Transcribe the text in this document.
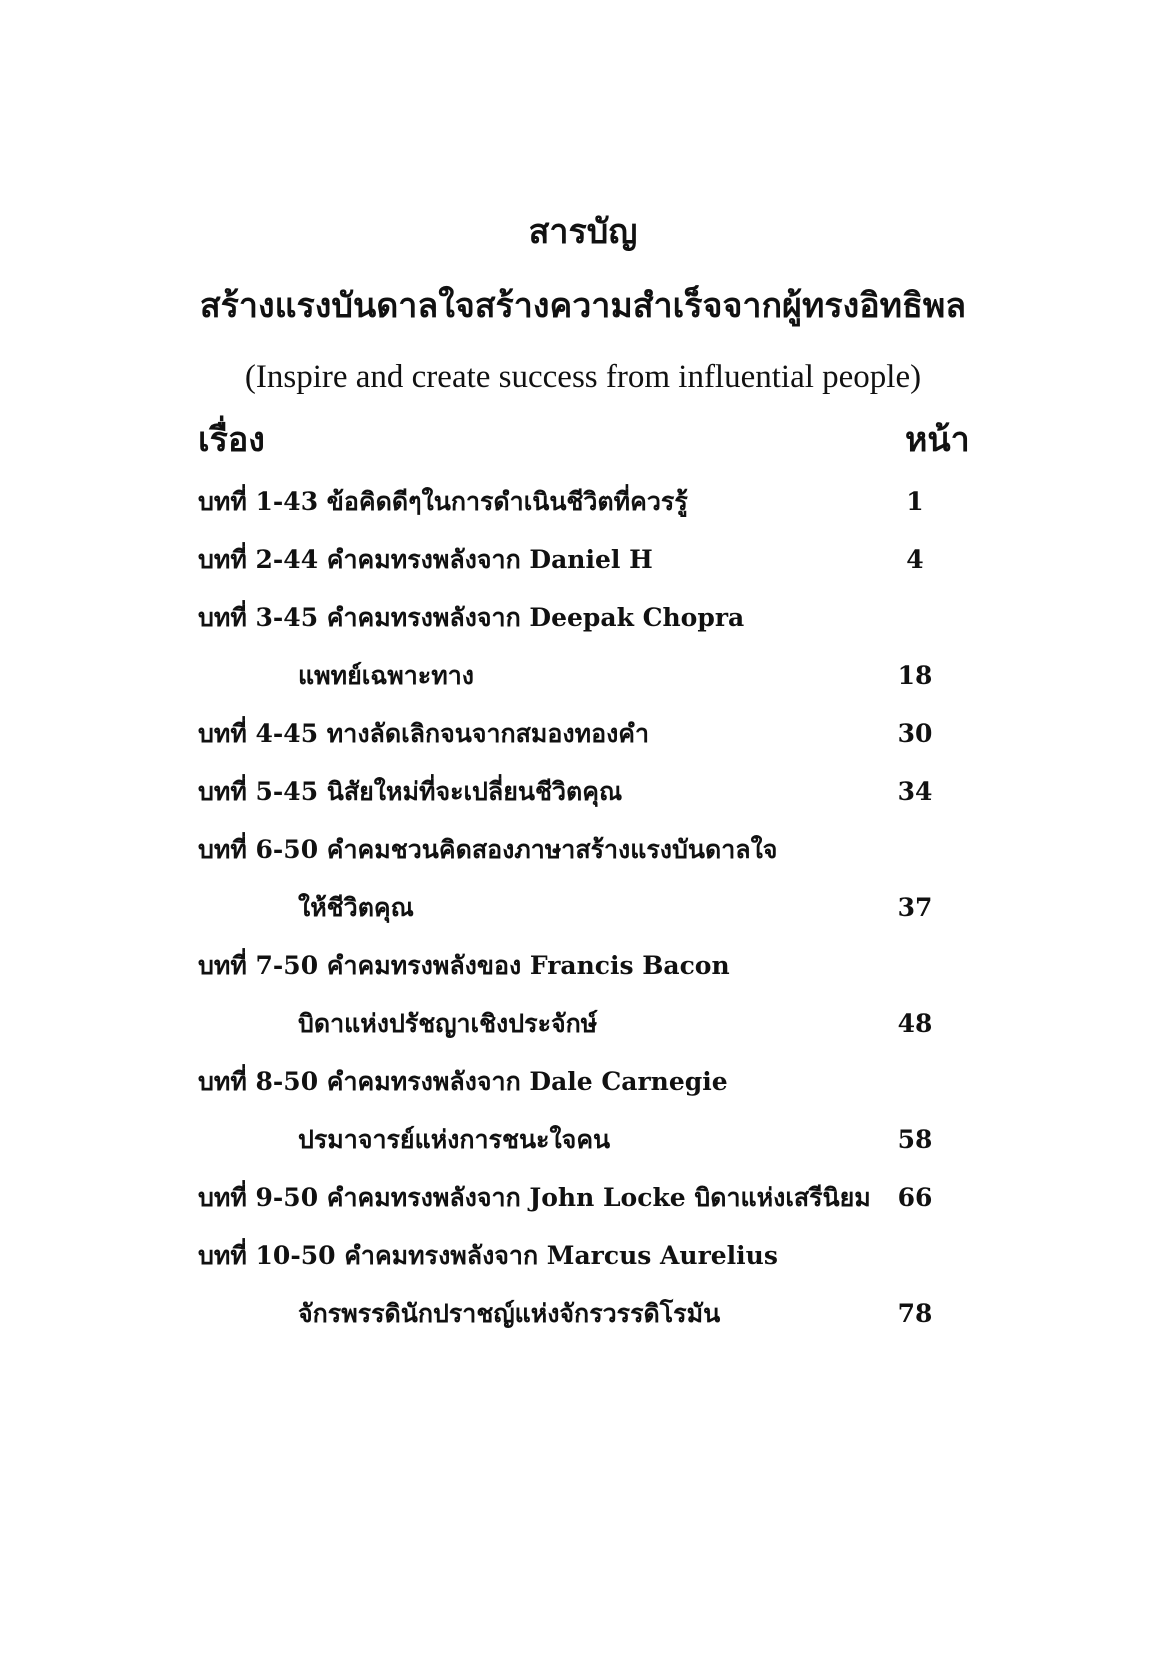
สารบัญ
สร้างแรงบันดาลใจสร้างความสำเร็จจากผู้ทรงอิทธิพล
(Inspire and create success from influential people)
เรื่อง	หน้า
บทที่ 1-43 ข้อคิดดีๆในการดำเนินชีวิตที่ควรรู้	1
บทที่ 2-44 คำคมทรงพลังจาก Daniel H	4
บทที่ 3-45 คำคมทรงพลังจาก Deepak Chopra
แพทย์เฉพาะทาง	18
บทที่ 4-45 ทางลัดเลิกจนจากสมองทองคำ	30
บทที่ 5-45 นิสัยใหม่ที่จะเปลี่ยนชีวิตคุณ	34
บทที่ 6-50 คำคมชวนคิดสองภาษาสร้างแรงบันดาลใจ
ให้ชีวิตคุณ	37
บทที่ 7-50 คำคมทรงพลังของ Francis Bacon
บิดาแห่งปรัชญาเชิงประจักษ์	48
บทที่ 8-50 คำคมทรงพลังจาก Dale Carnegie
ปรมาจารย์แห่งการชนะใจคน	58
บทที่ 9-50 คำคมทรงพลังจาก John Locke บิดาแห่งเสรีนิยม	66
บทที่ 10-50 คำคมทรงพลังจาก Marcus Aurelius
จักรพรรดินักปราชญ์แห่งจักรวรรดิโรมัน	78
